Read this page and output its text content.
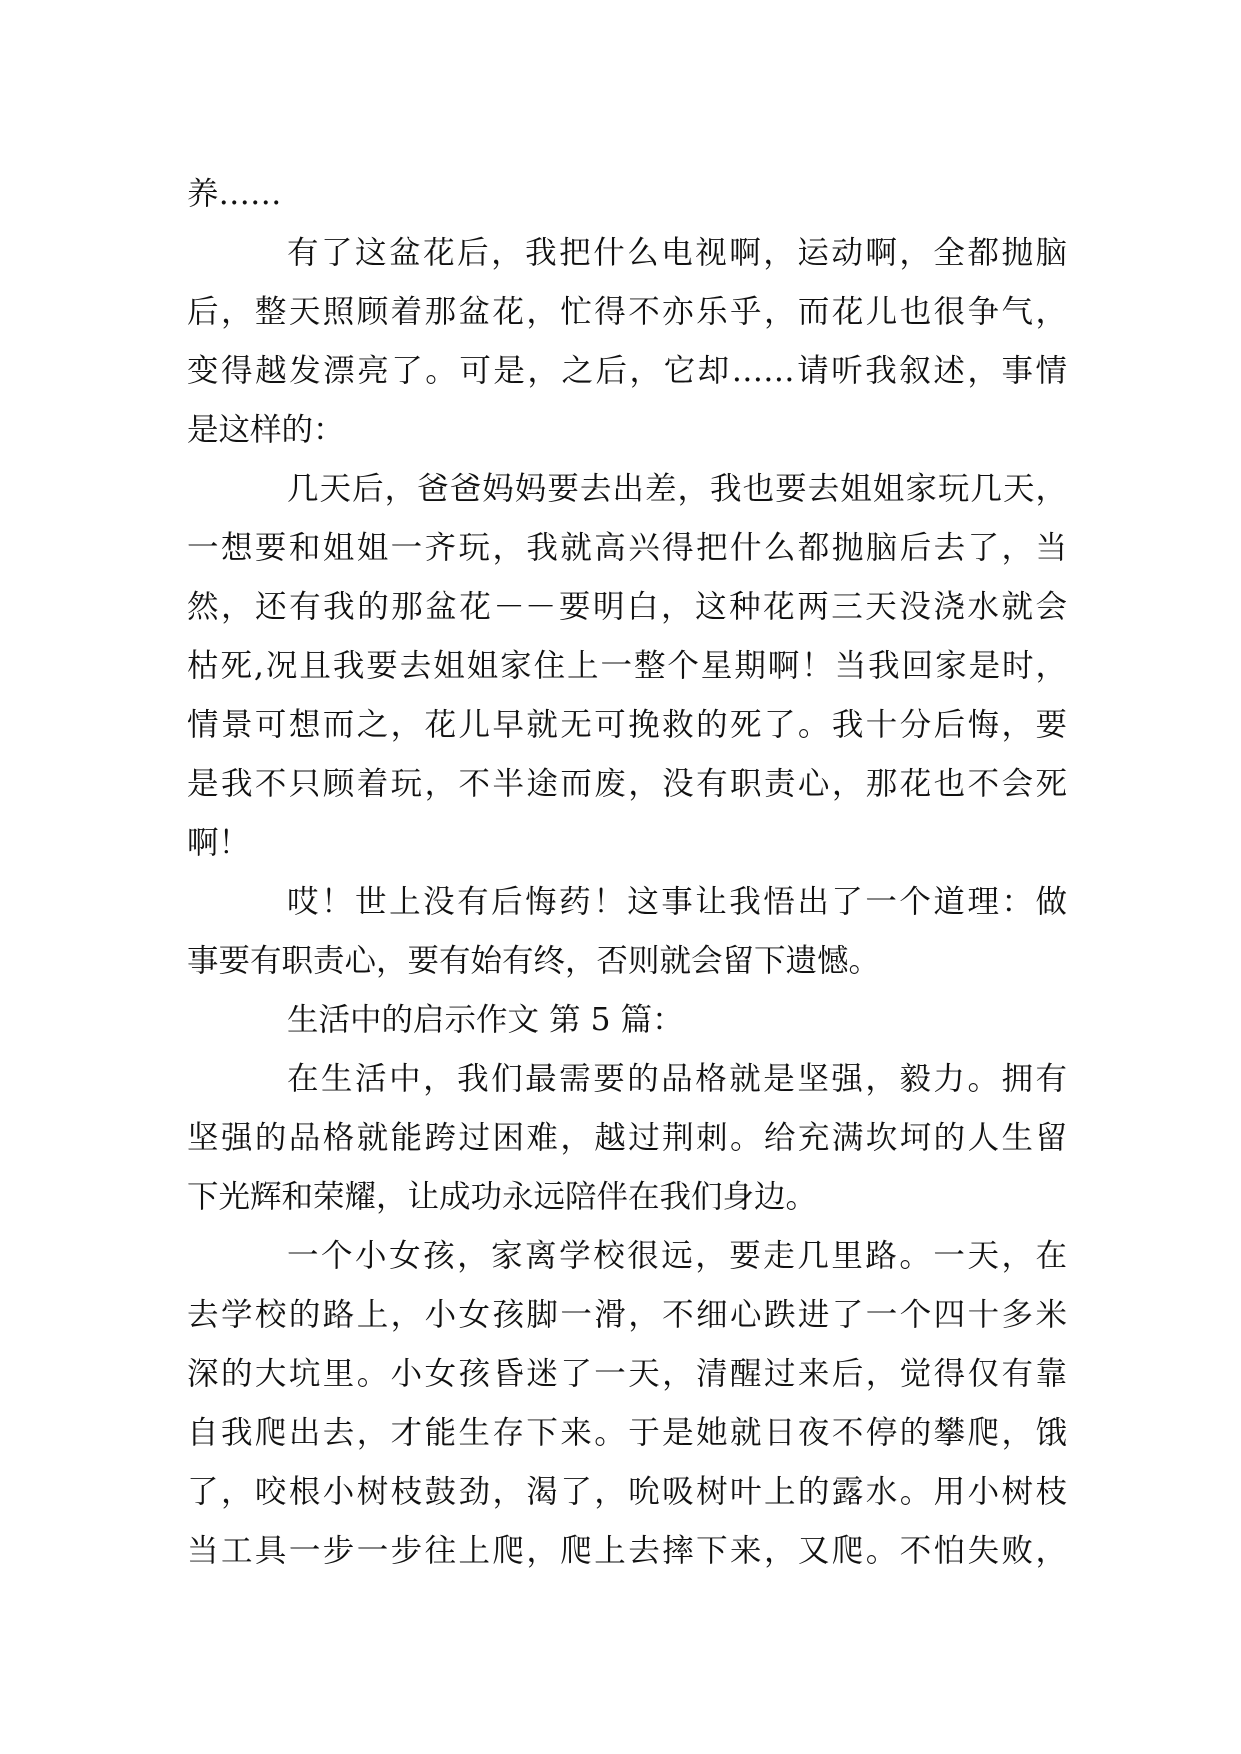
养……
有了这盆花后，我把什么电视啊，运动啊，全都抛脑
后，整天照顾着那盆花，忙得不亦乐乎，而花儿也很争气，
变得越发漂亮了。可是，之后，它却……请听我叙述，事情
是这样的：
几天后，爸爸妈妈要去出差，我也要去姐姐家玩几天，
一想要和姐姐一齐玩，我就高兴得把什么都抛脑后去了，当
然，还有我的那盆花－－要明白，这种花两三天没浇水就会
枯死,况且我要去姐姐家住上一整个星期啊！当我回家是时，
情景可想而之，花儿早就无可挽救的死了。我十分后悔，要
是我不只顾着玩，不半途而废，没有职责心，那花也不会死
啊！
哎！世上没有后悔药！这事让我悟出了一个道理：做
事要有职责心，要有始有终，否则就会留下遗憾。
生活中的启示作文 第 5 篇：
在生活中，我们最需要的品格就是坚强，毅力。拥有
坚强的品格就能跨过困难，越过荆刺。给充满坎坷的人生留
下光辉和荣耀，让成功永远陪伴在我们身边。
一个小女孩，家离学校很远，要走几里路。一天，在
去学校的路上，小女孩脚一滑，不细心跌进了一个四十多米
深的大坑里。小女孩昏迷了一天，清醒过来后，觉得仅有靠
自我爬出去，才能生存下来。于是她就日夜不停的攀爬，饿
了，咬根小树枝鼓劲，渴了，吮吸树叶上的露水。用小树枝
当工具一步一步往上爬，爬上去摔下来，又爬。不怕失败，
